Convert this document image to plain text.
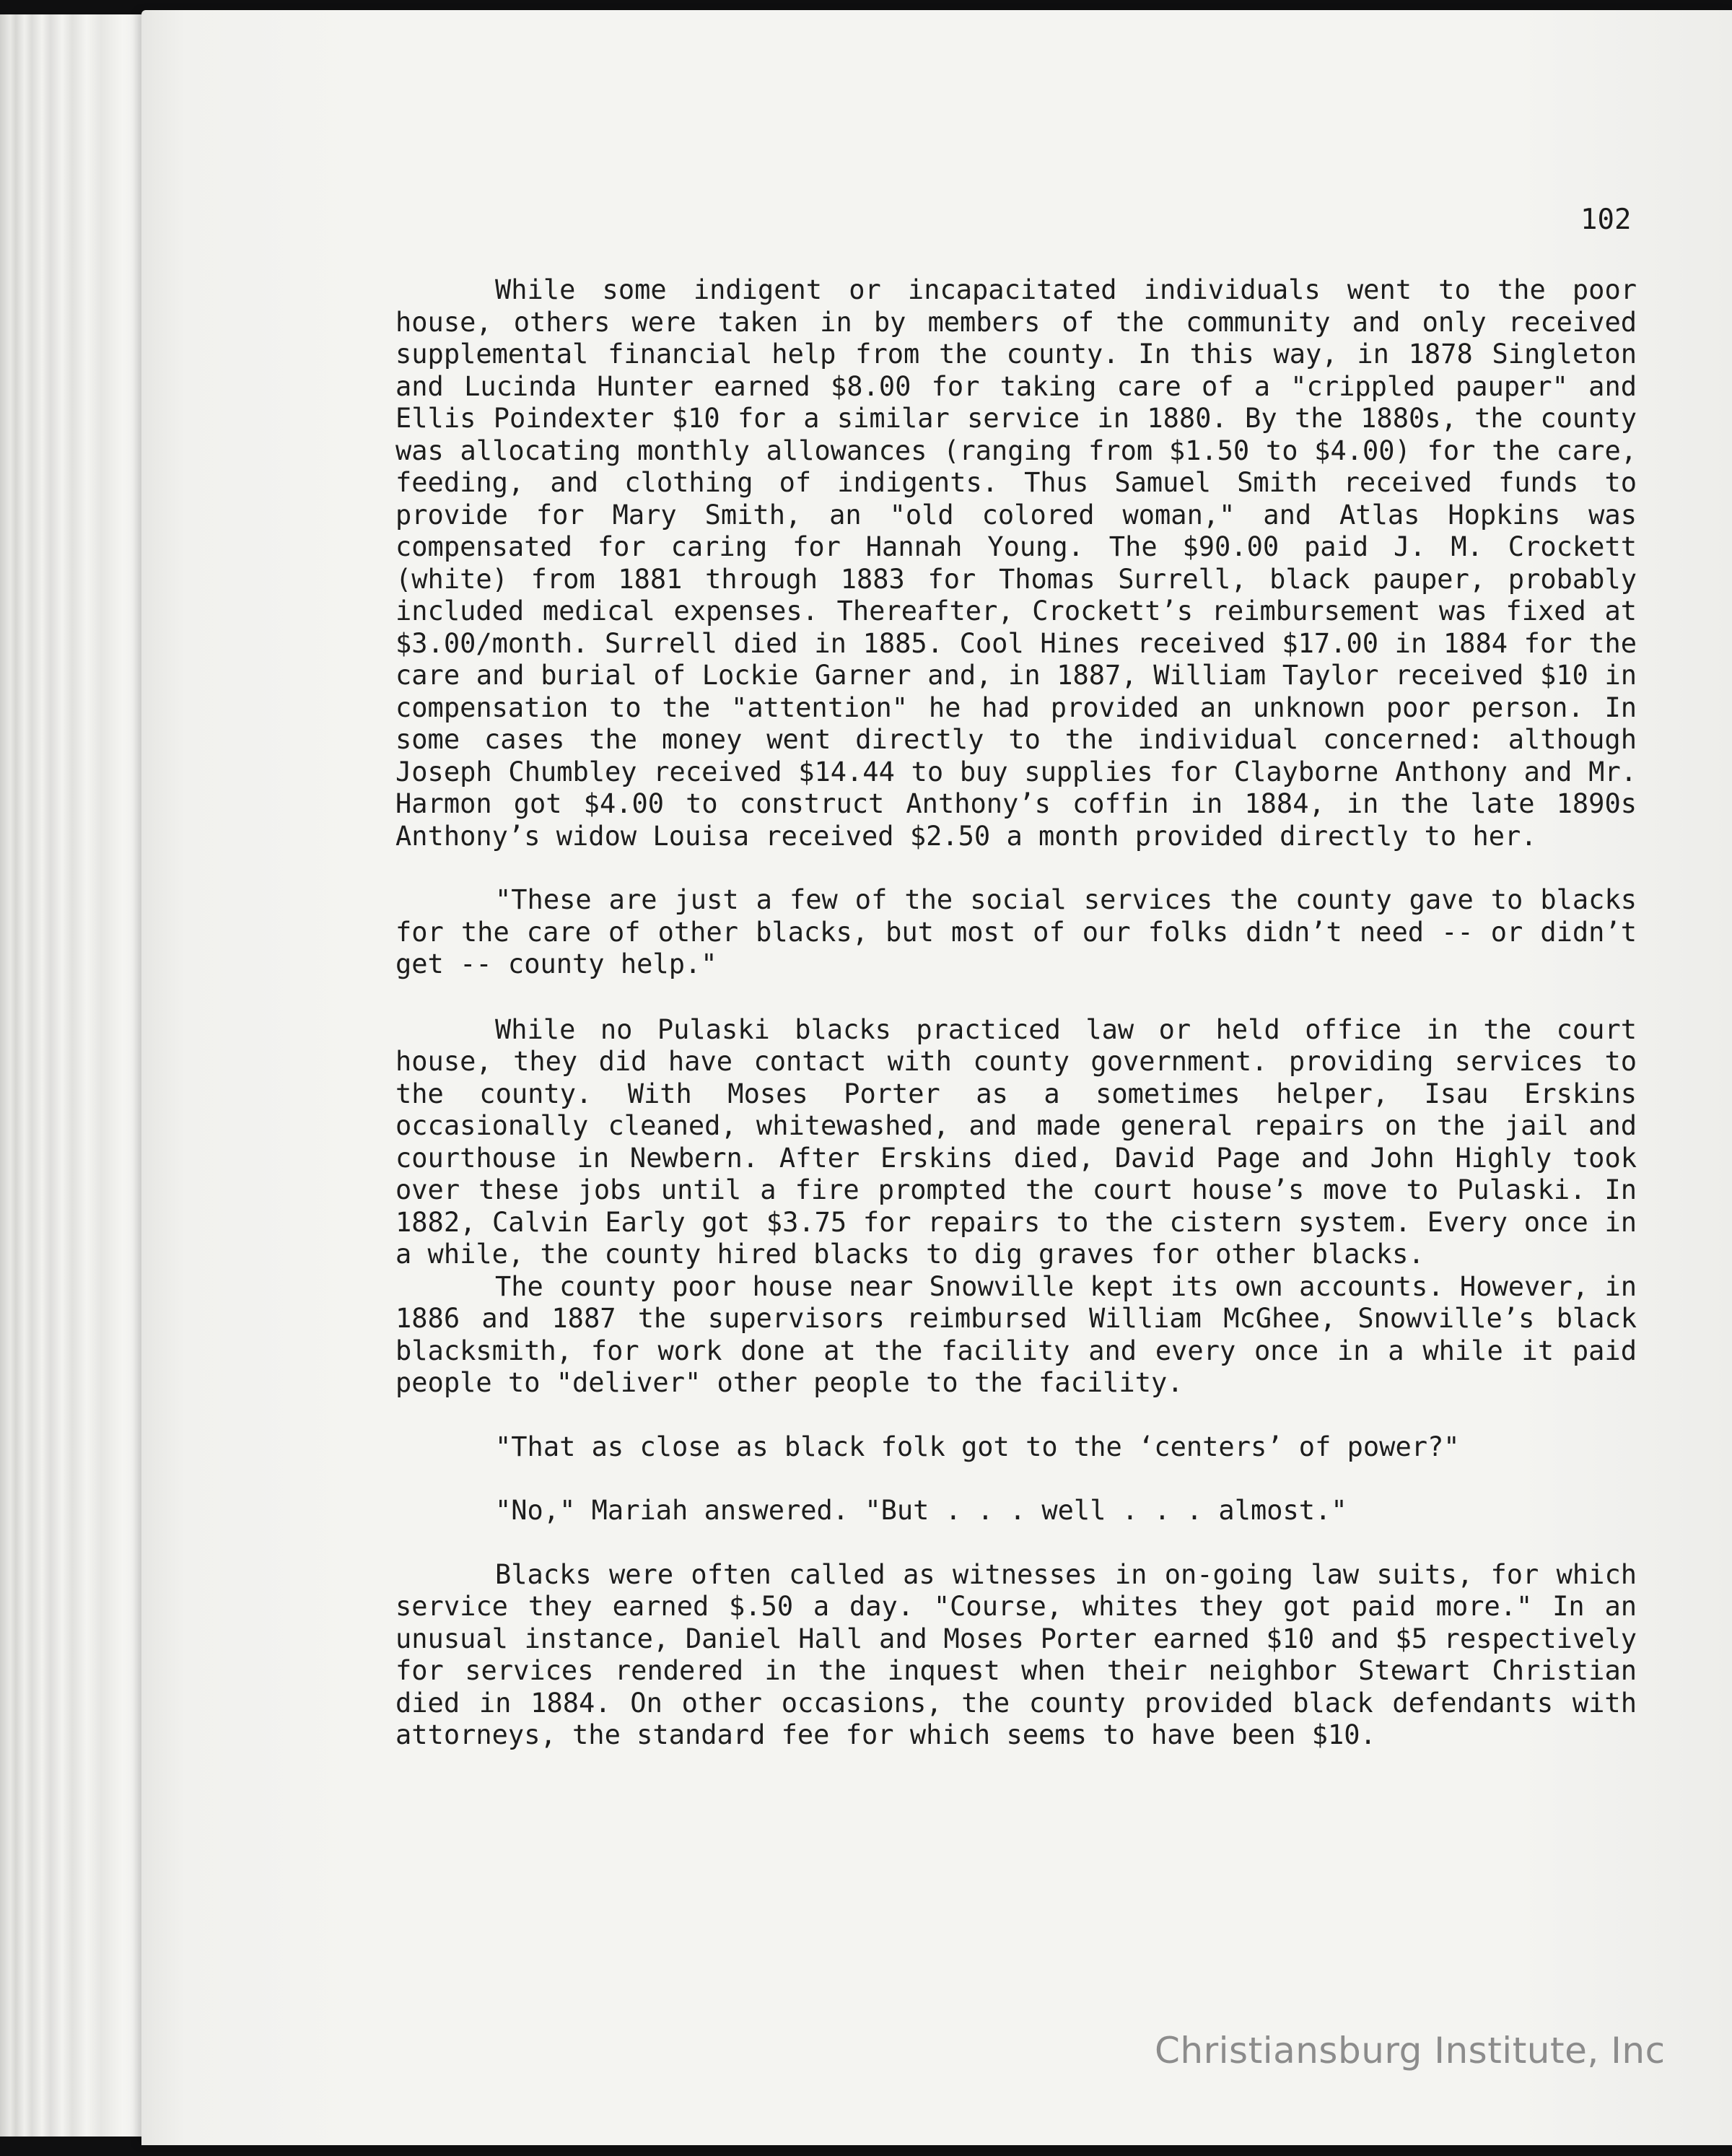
102

While some indigent or incapacitated individuals went to the poor house, others were taken in by members of the community and only received supplemental financial help from the county. In this way, in 1878 Singleton and Lucinda Hunter earned $8.00 for taking care of a "crippled pauper" and Ellis Poindexter $10 for a similar service in 1880. By the 1880s, the county was allocating monthly allowances (ranging from $1.50 to $4.00) for the care, feeding, and clothing of indigents. Thus Samuel Smith received funds to provide for Mary Smith, an "old colored woman," and Atlas Hopkins was compensated for caring for Hannah Young. The $90.00 paid J. M. Crockett (white) from 1881 through 1883 for Thomas Surrell, black pauper, probably included medical expenses. Thereafter, Crockett’s reimbursement was fixed at $3.00/month. Surrell died in 1885. Cool Hines received $17.00 in 1884 for the care and burial of Lockie Garner and, in 1887, William Taylor received $10 in compensation to the "attention" he had provided an unknown poor person. In some cases the money went directly to the individual concerned: although Joseph Chumbley received $14.44 to buy supplies for Clayborne Anthony and Mr. Harmon got $4.00 to construct Anthony’s coffin in 1884, in the late 1890s Anthony’s widow Louisa received $2.50 a month provided directly to her.

"These are just a few of the social services the county gave to blacks for the care of other blacks, but most of our folks didn’t need -- or didn’t get -- county help."

While no Pulaski blacks practiced law or held office in the court house, they did have contact with county government. providing services to the county. With Moses Porter as a sometimes helper, Isau Erskins occasionally cleaned, whitewashed, and made general repairs on the jail and courthouse in Newbern. After Erskins died, David Page and John Highly took over these jobs until a fire prompted the court house’s move to Pulaski. In 1882, Calvin Early got $3.75 for repairs to the cistern system. Every once in a while, the county hired blacks to dig graves for other blacks.

The county poor house near Snowville kept its own accounts. However, in 1886 and 1887 the supervisors reimbursed William McGhee, Snowville’s black blacksmith, for work done at the facility and every once in a while it paid people to "deliver" other people to the facility.

"That as close as black folk got to the ‘centers’ of power?"

"No," Mariah answered. "But . . . well . . . almost."

Blacks were often called as witnesses in on-going law suits, for which service they earned $.50 a day. "Course, whites they got paid more." In an unusual instance, Daniel Hall and Moses Porter earned $10 and $5 respectively for services rendered in the inquest when their neighbor Stewart Christian died in 1884. On other occasions, the county provided black defendants with attorneys, the standard fee for which seems to have been $10.

Christiansburg Institute, Inc
